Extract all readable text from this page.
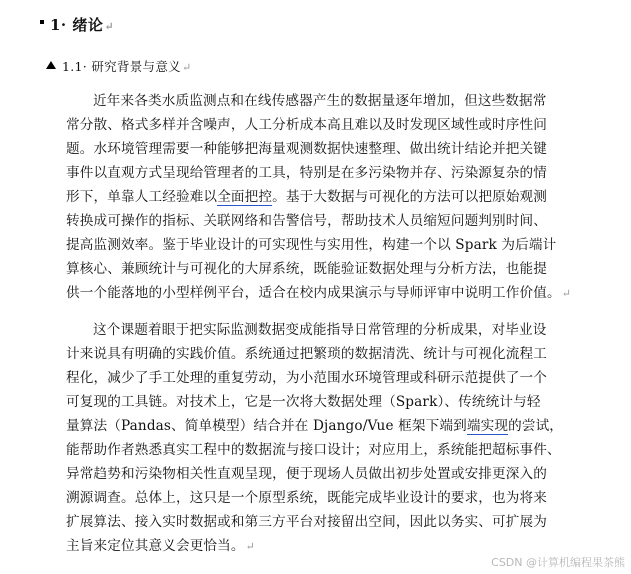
1· 绪论↵
1.1· 研究背景与意义↵
近年来各类水质监测点和在线传感器产生的数据量逐年增加，但这些数据常
常分散、格式多样并含噪声，人工分析成本高且难以及时发现区域性或时序性问
题。水环境管理需要一种能够把海量观测数据快速整理、做出统计结论并把关键
事件以直观方式呈现给管理者的工具，特别是在多污染物并存、污染源复杂的情
形下，单靠人工经验难以全面把控。基于大数据与可视化的方法可以把原始观测
转换成可操作的指标、关联网络和告警信号，帮助技术人员缩短问题判别时间、
提高监测效率。鉴于毕业设计的可实现性与实用性，构建一个以 Spark 为后端计
算核心、兼顾统计与可视化的大屏系统，既能验证数据处理与分析方法，也能提
供一个能落地的小型样例平台，适合在校内成果演示与导师评审中说明工作价值。↵
这个课题着眼于把实际监测数据变成能指导日常管理的分析成果，对毕业设
计来说具有明确的实践价值。系统通过把繁琐的数据清洗、统计与可视化流程工
程化，减少了手工处理的重复劳动，为小范围水环境管理或科研示范提供了一个
可复现的工具链。对技术上，它是一次将大数据处理（Spark）、传统统计与轻
量算法（Pandas、简单模型）结合并在 Django/Vue 框架下端到端实现的尝试，
能帮助作者熟悉真实工程中的数据流与接口设计；对应用上，系统能把超标事件、
异常趋势和污染物相关性直观呈现，便于现场人员做出初步处置或安排更深入的
溯源调查。总体上，这只是一个原型系统，既能完成毕业设计的要求，也为将来
扩展算法、接入实时数据或和第三方平台对接留出空间，因此以务实、可扩展为
主旨来定位其意义会更恰当。↵
CSDN @计算机编程果茶熊
